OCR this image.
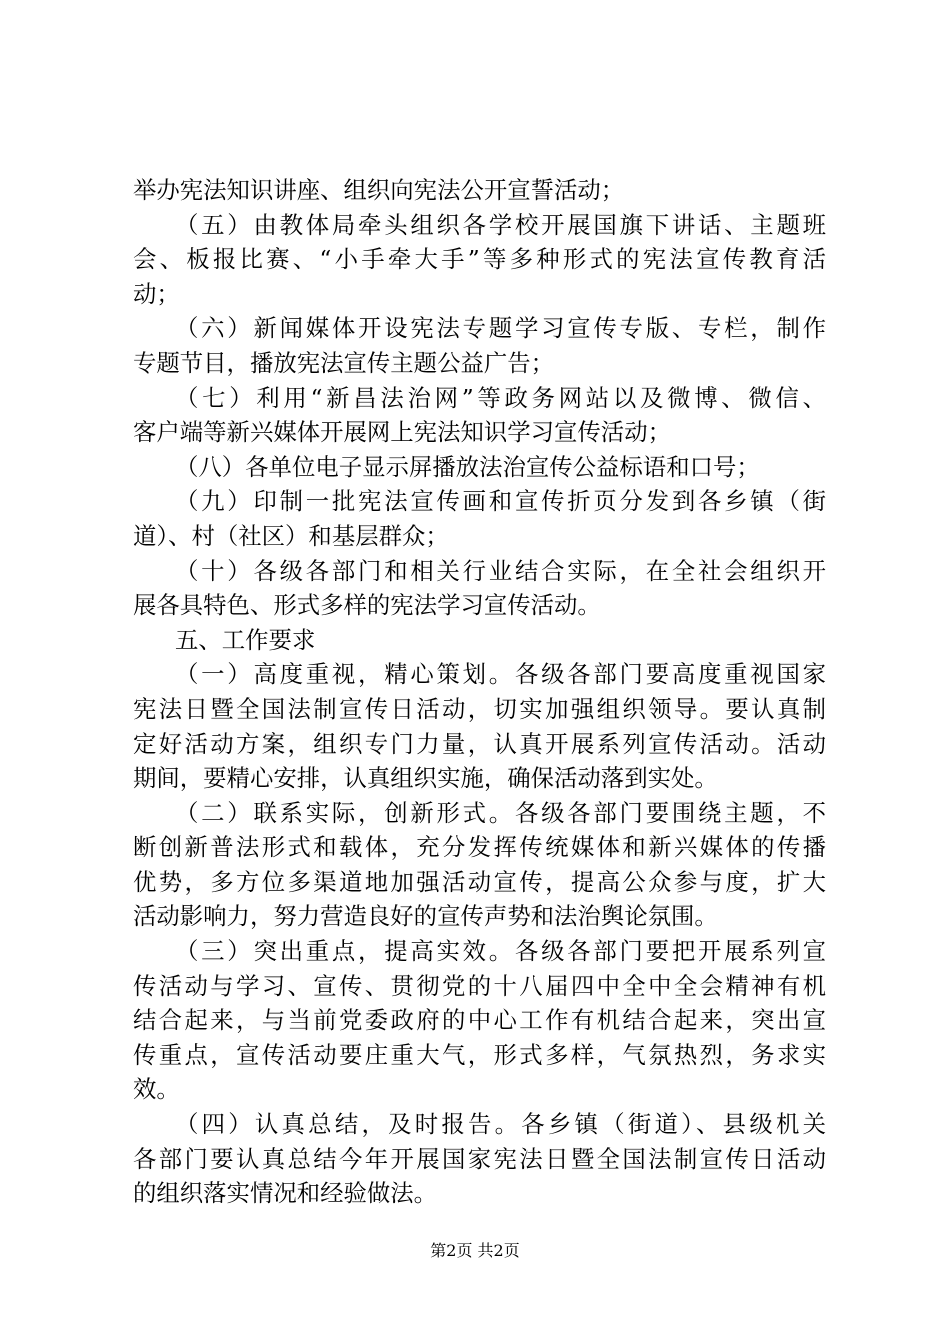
举办宪法知识讲座、组织向宪法公开宣誓活动；
（五）由教体局牵头组织各学校开展国旗下讲话、主题班
会、板报比赛、“小手牵大手”等多种形式的宪法宣传教育活
动；
（六）新闻媒体开设宪法专题学习宣传专版、专栏，制作
专题节目，播放宪法宣传主题公益广告；
（七）利用“新昌法治网”等政务网站以及微博、微信、
客户端等新兴媒体开展网上宪法知识学习宣传活动；
（八）各单位电子显示屏播放法治宣传公益标语和口号；
（九）印制一批宪法宣传画和宣传折页分发到各乡镇（街
道）、村（社区）和基层群众；
（十）各级各部门和相关行业结合实际，在全社会组织开
展各具特色、形式多样的宪法学习宣传活动。
五、工作要求
（一）高度重视，精心策划。各级各部门要高度重视国家
宪法日暨全国法制宣传日活动，切实加强组织领导。要认真制
定好活动方案，组织专门力量，认真开展系列宣传活动。活动
期间，要精心安排，认真组织实施，确保活动落到实处。
（二）联系实际，创新形式。各级各部门要围绕主题，不
断创新普法形式和载体，充分发挥传统媒体和新兴媒体的传播
优势，多方位多渠道地加强活动宣传，提高公众参与度，扩大
活动影响力，努力营造良好的宣传声势和法治舆论氛围。
（三）突出重点，提高实效。各级各部门要把开展系列宣
传活动与学习、宣传、贯彻党的十八届四中全中全会精神有机
结合起来，与当前党委政府的中心工作有机结合起来，突出宣
传重点，宣传活动要庄重大气，形式多样，气氛热烈，务求实
效。
（四）认真总结，及时报告。各乡镇（街道）、县级机关
各部门要认真总结今年开展国家宪法日暨全国法制宣传日活动
的组织落实情况和经验做法。
第2页 共2页
